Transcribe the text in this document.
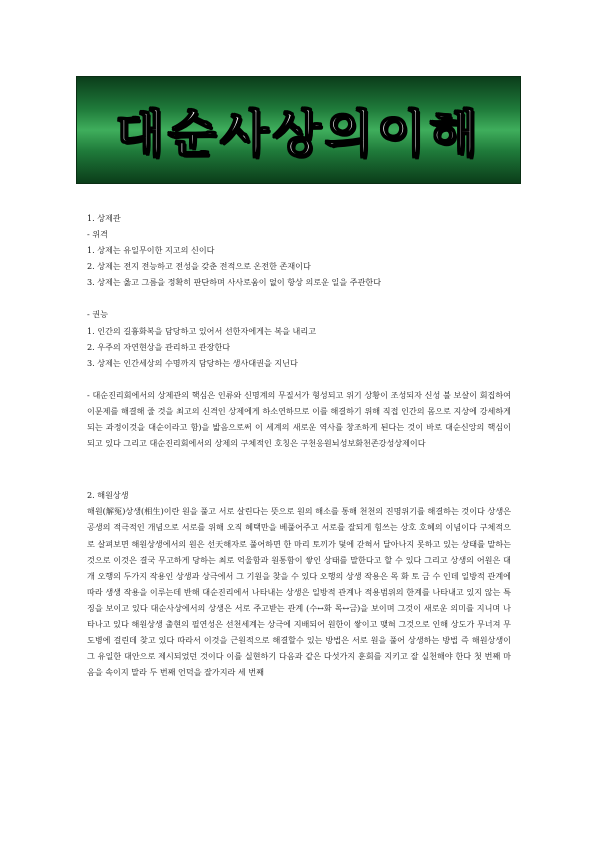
대순사상의이해
1. 상제관
- 위격
1. 상제는 유일무이한 지고의 신이다
2. 상제는 전지 전능하고 전성을 갖춘 전적으로 온전한 존재이다
3. 상제는 옳고 그름을 정확히 판단하며 사사로움이 없이 항상 의로운 일을 주관한다
- 권능
1. 인간의 길흉화복을 담당하고 있어서 선한자에게는 복을 내리고
2. 우주의 자연현상을 관리하고 관장한다
3. 상제는 인간세상의 수명까지 담당하는 생사대권을 지닌다
- 대순진리회에서의 상제관의 핵심은 인류와 신명계의 무질서가 형성되고 위기 상황이 조성되자 신성 불 보살이 회집하여 이문제를 해결해 줄 것을 최고의 신격인 상제에게 하소연하므로 이를 해결하기 위해 직접 인간의 몸으로 지상에 강세하게 되는 과정이것을 대순이라고 함)을 밟음으로써 이 세계의 새로운 역사를 창조하게 된다는 것이 바로 대순신앙의 핵심이 되고 있다 그리고 대순진리회에서의 상제의 구체적인 호칭은 구천응원뇌성보화천존강성상제이다
2. 해원상생
해원(解冤)상생(相生)이란 원을 풀고 서로 살린다는 뜻으로 원의 해소를 통해 천천의 진명위기를 해결하는 것이다 상생은 공생의 적극적인 개념으로 서로를 위해 오직 혜택만을 베풀어주고 서로를 잘되게 힘쓰는 상호 호혜의 이념이다 구체적으로 살펴보면 해원상생에서의 원은 선天해자로 풀어하면 한 마리 토끼가 덫에 갇혀서 달아나지 못하고 있는 상태를 말하는 것으로 이것은 결국 무고하게 당하는 최로 억울함과 원통함이 쌓인 상태를 말한다고 할 수 있다 그리고 상생의 어원은 대개 오행의 두가지 작용인 상생과 상극에서 그 기원을 찾을 수 있다 오행의 상생 작용은 목 화 토 금 수 인데 일방적 관계에 따라 생생 작용을 이루는데 반해 대순진리에서 나타내는 상생은 일방적 관계나 적용범위의 한계를 나타내고 있지 않는 특징을 보이고 있다 대순사상에서의 상생은 서로 주고받는 관계 (수↔화 목↔금)을 보이며 그것이 새로운 의미를 지니며 나타나고 있다 해원상생 출현의 필연성은 선천세계는 상극에 지배되어 원한이 쌓이고 맺혀 그것으로 인해 상도가 무너져 무도병에 걸린데 찾고 있다 따라서 이것을 근원적으로 해결할수 있는 방법은 서로 원을 풀어 상생하는 방법 즉 해원상생이 그 유일한 대안으로 제시되었던 것이다 이를 실현하기 다음과 같은 다섯가지 훈회를 지키고 잘 실천해야 한다 첫 번째 마음을 속이지 말라 두 번째 언덕을 잘가지라 세 번째
